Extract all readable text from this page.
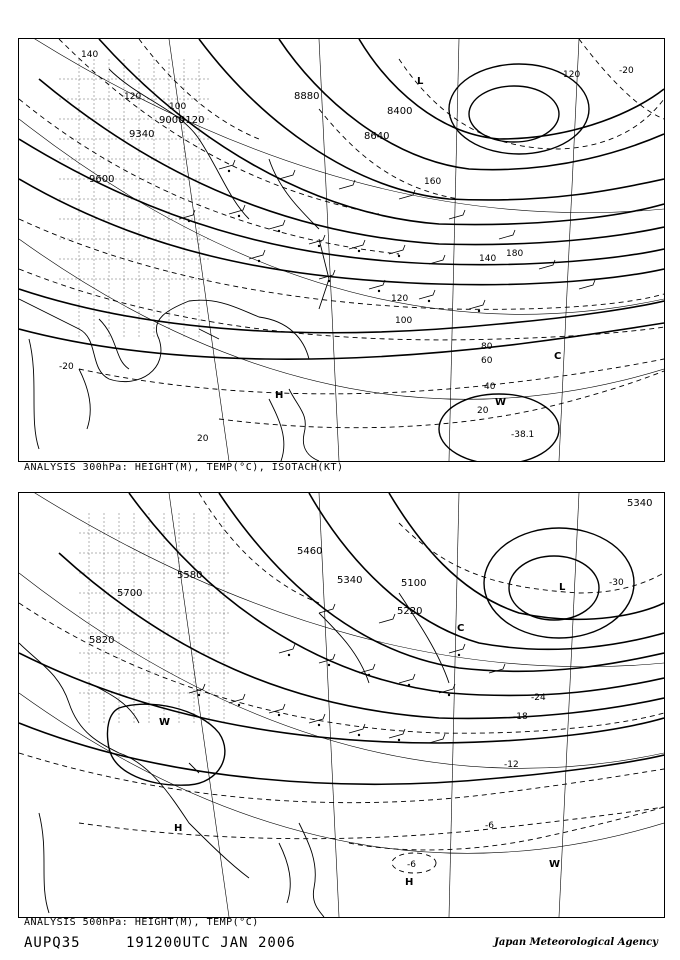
9600
9340
9120
9000
8880
8640
8400
140
120
100
160
180
120
100
80
60
40
20
140
120
-20
-20
20
H
W
L
C
-38.1
ANALYSIS 300hPa: HEIGHT(M), TEMP(°C), ISOTACH(KT)
5820
5700
5580
5460
5340
5220
5100
5340
-30
-24
-18
-12
-6
-6
H
H
W
W
L
C
ANALYSIS 500hPa: HEIGHT(M), TEMP(°C)
AUPQ35	191200UTC JAN 2006	Japan Meteorological Agency
